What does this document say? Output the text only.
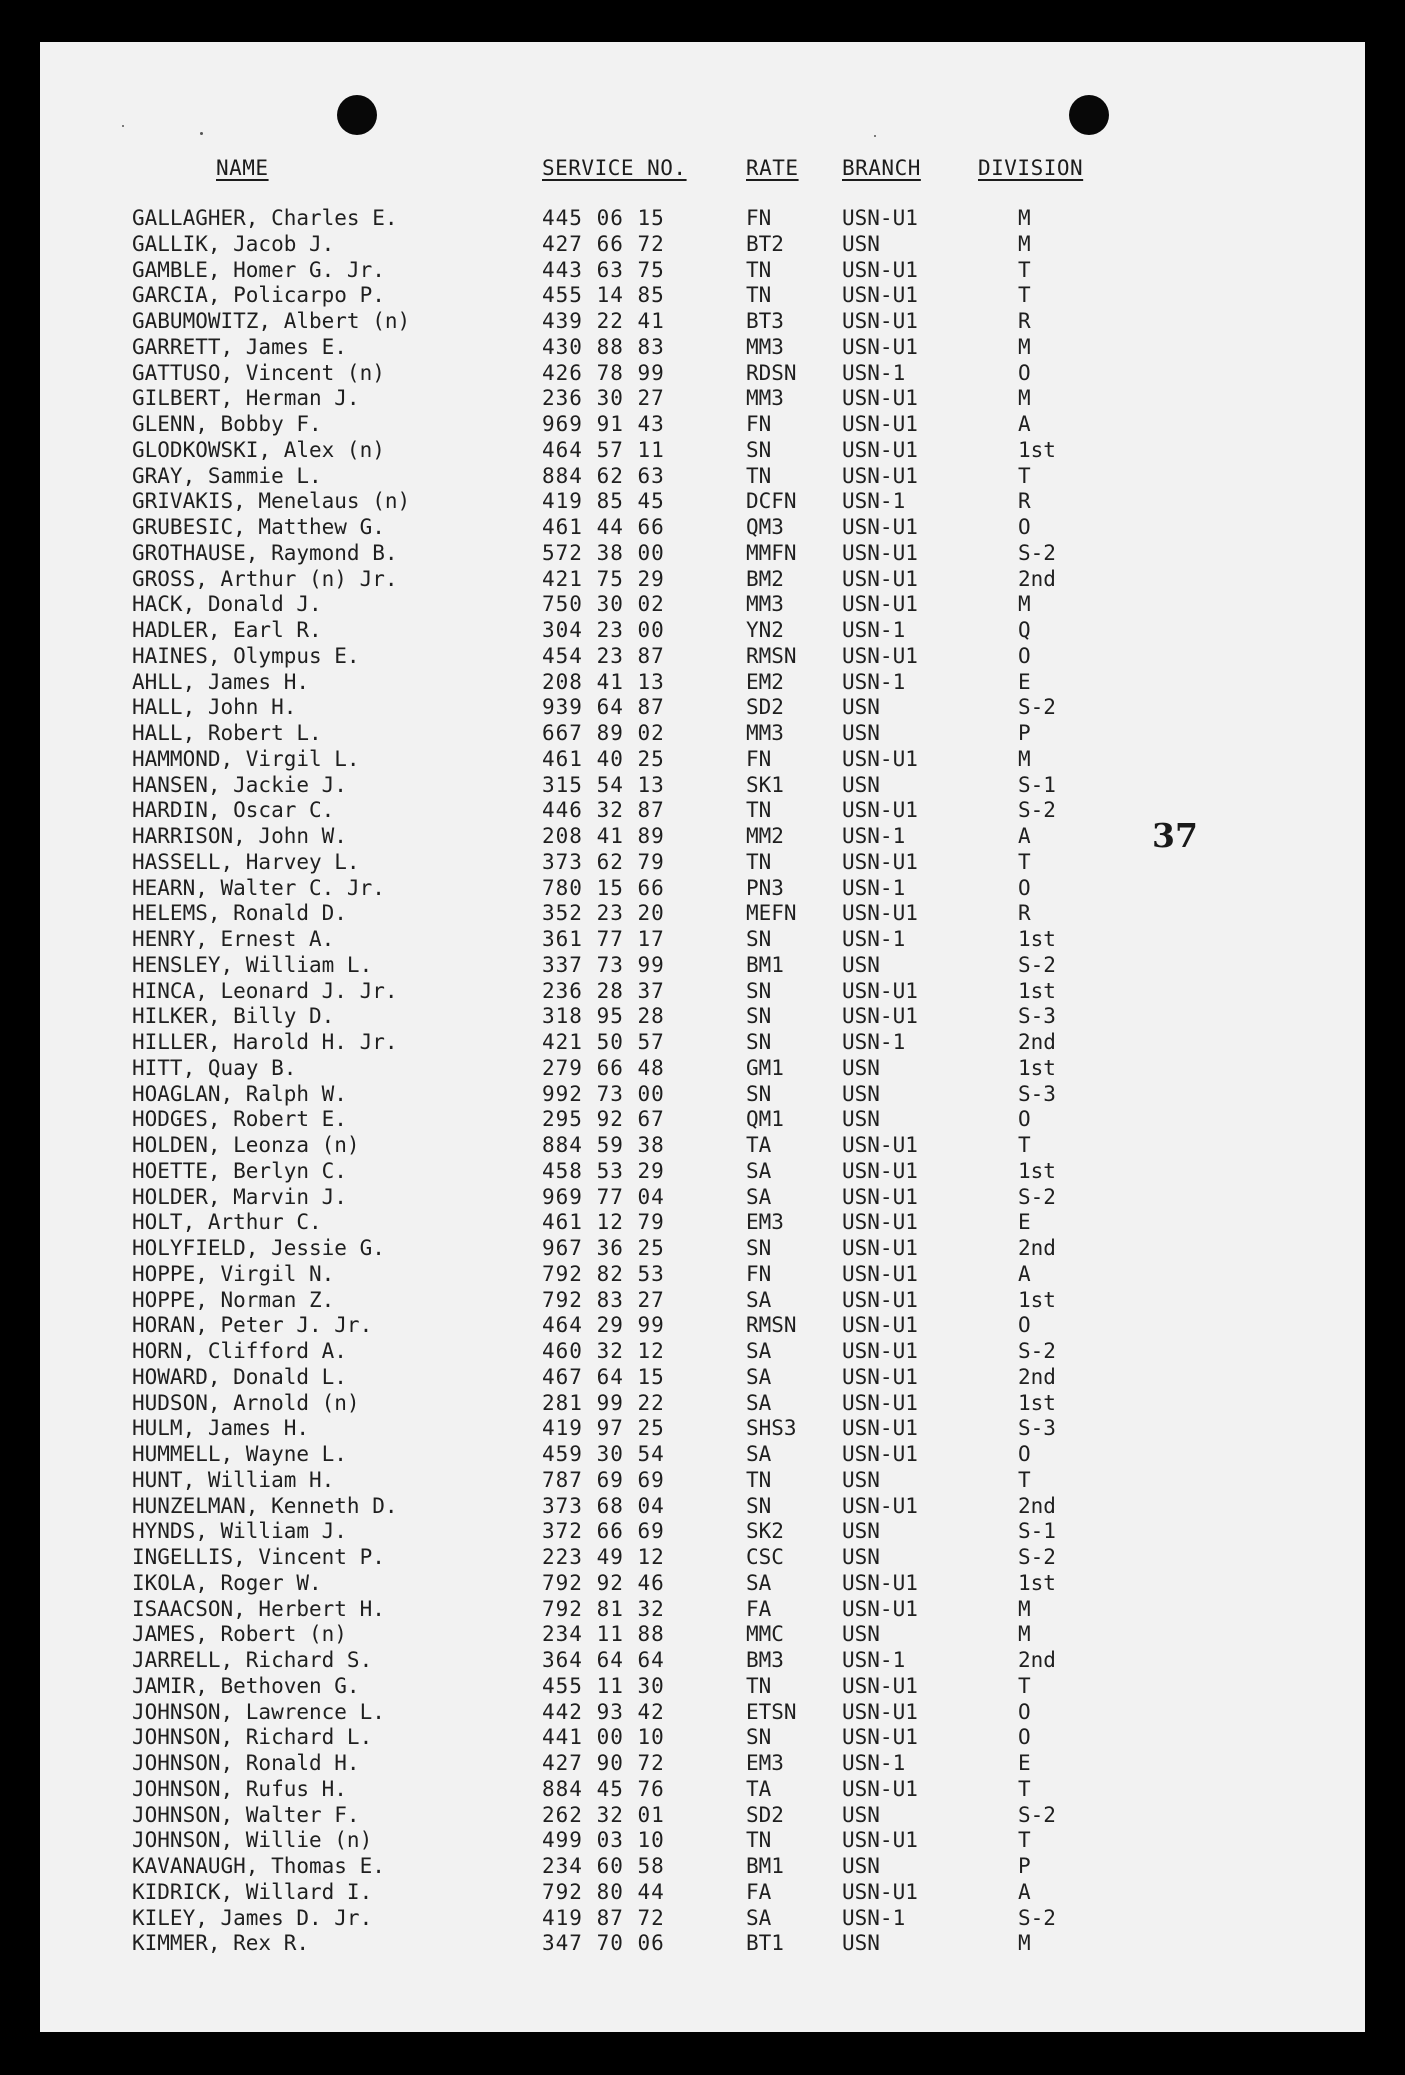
NAME	SERVICE NO.	RATE BRANCH	DIVISION
GALLAGHER, Charles E.	445 06 15	FN	USN-U1	M
GALLIK, Jacob J.	427 66 72	BT2	USN	M
GAMBLE, Homer G. Jr.	443 63 75	TN	USN-U1	T
GARCIA, Policarpo P.	455 14 85	TN	USN-U1	T
GABUMOWITZ, Albert (n)	439 22 41	BT3	USN-U1	R
GARRETT, James E.	430 88 83	MM3	USN-U1	M
GATTUSO, Vincent (n)	426 78 99	RDSN USN-1	O
GILBERT, Herman J.	236 30 27	MM3	USN-U1	M
GLENN, Bobby F.	969 91 43	FN	USN-U1	A
GLODKOWSKI, Alex (n)	464 57 11	SN	USN-U1	1st
GRAY, Sammie L.	884 62 63	TN	USN-U1	T
GRIVAKIS, Menelaus (n)	419 85 45	DCFN USN-1	R
GRUBESIC, Matthew G.	461 44 66	QM3	USN-U1	O
GROTHAUSE, Raymond B.	572 38 00	MMFN USN-U1	S-2
GROSS, Arthur (n) Jr.	421 75 29	BM2	USN-U1	2nd
HACK, Donald J.	750 30 02	MM3	USN-U1	M
HADLER, Earl R.	304 23 00	YN2	USN-1	Q
HAINES, Olympus E.	454 23 87	RMSN USN-U1	O
AHLL, James H.	208 41 13	EM2	USN-1	E
HALL, John H.	939 64 87	SD2	USN	S-2
HALL, Robert L.	667 89 02	MM3	USN	P
HAMMOND, Virgil L.	461 40 25	FN	USN-U1	M
HANSEN, Jackie J.	315 54 13	SK1	USN	S-1
HARDIN, Oscar C.	446 32 87	TN	USN-U1	S-2
HARRISON, John W.	208 41 89	MM2	USN-1	A
HASSELL, Harvey L.	373 62 79	TN	USN-U1	T
HEARN, Walter C. Jr.	780 15 66	PN3	USN-1	O
HELEMS, Ronald D.	352 23 20	MEFN USN-U1	R
HENRY, Ernest A.	361 77 17	SN	USN-1	1st
HENSLEY, William L.	337 73 99	BM1	USN	S-2
HINCA, Leonard J. Jr.	236 28 37	SN	USN-U1	1st
HILKER, Billy D.	318 95 28	SN	USN-U1	S-3
HILLER, Harold H. Jr.	421 50 57	SN	USN-1	2nd
HITT, Quay B.	279 66 48	GM1	USN	1st
HOAGLAN, Ralph W.	992 73 00	SN	USN	S-3
HODGES, Robert E.	295 92 67	QM1	USN	O
HOLDEN, Leonza (n)	884 59 38	TA	USN-U1	T
HOETTE, Berlyn C.	458 53 29	SA	USN-U1	1st
HOLDER, Marvin J.	969 77 04	SA	USN-U1	S-2
HOLT, Arthur C.	461 12 79	EM3	USN-U1	E
HOLYFIELD, Jessie G.	967 36 25	SN	USN-U1	2nd
HOPPE, Virgil N.	792 82 53	FN	USN-U1	A
HOPPE, Norman Z.	792 83 27	SA	USN-U1	1st
HORAN, Peter J. Jr.	464 29 99	RMSN USN-U1	O
HORN, Clifford A.	460 32 12	SA	USN-U1	S-2
HOWARD, Donald L.	467 64 15	SA	USN-U1	2nd
HUDSON, Arnold (n)	281 99 22	SA	USN-U1	1st
HULM, James H.	419 97 25	SHS3 USN-U1	S-3
HUMMELL, Wayne L.	459 30 54	SA	USN-U1	O
HUNT, William H.	787 69 69	TN	USN	T
HUNZELMAN, Kenneth D.	373 68 04	SN	USN-U1	2nd
HYNDS, William J.	372 66 69	SK2	USN	S-1
INGELLIS, Vincent P.	223 49 12	CSC	USN	S-2
IKOLA, Roger W.	792 92 46	SA	USN-U1	1st
ISAACSON, Herbert H.	792 81 32	FA	USN-U1	M
JAMES, Robert (n)	234 11 88	MMC	USN	M
JARRELL, Richard S.	364 64 64	BM3	USN-1	2nd
JAMIR, Bethoven G.	455 11 30	TN	USN-U1	T
JOHNSON, Lawrence L.	442 93 42	ETSN USN-U1	O
JOHNSON, Richard L.	441 00 10	SN	USN-U1	O
JOHNSON, Ronald H.	427 90 72	EM3	USN-1	E
JOHNSON, Rufus H.	884 45 76	TA	USN-U1	T
JOHNSON, Walter F.	262 32 01	SD2	USN	S-2
JOHNSON, Willie (n)	499 03 10	TN	USN-U1	T
KAVANAUGH, Thomas E.	234 60 58	BM1	USN	P
KIDRICK, Willard I.	792 80 44	FA	USN-U1	A
KILEY, James D. Jr.	419 87 72	SA	USN-1	S-2
KIMMER, Rex R.	347 70 06	BT1	USN	M
37
